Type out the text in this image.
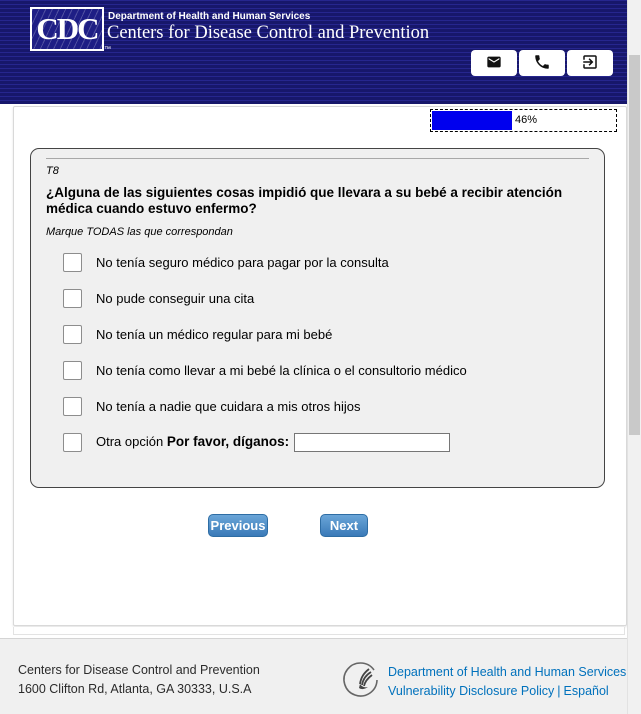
CDC
™
Department of Health and Human Services
Centers for Disease Control and Prevention
46%
T8
¿Alguna de las siguientes cosas impidió que llevara a su bebé a recibir atención médica cuando estuvo enfermo?
Marque TODAS las que correspondan
No tenía seguro médico para pagar por la consulta
No pude conseguir una cita
No tenía un médico regular para mi bebé
No tenía como llevar a mi bebé la clínica o el consultorio médico
No tenía a nadie que cuidara a mis otros hijos
Otra opción Por favor, díganos:
Previous	Next
Centers for Disease Control and Prevention
1600 Clifton Rd, Atlanta, GA 30333, U.S.A
Department of Health and Human Services
Vulnerability Disclosure Policy | Español
